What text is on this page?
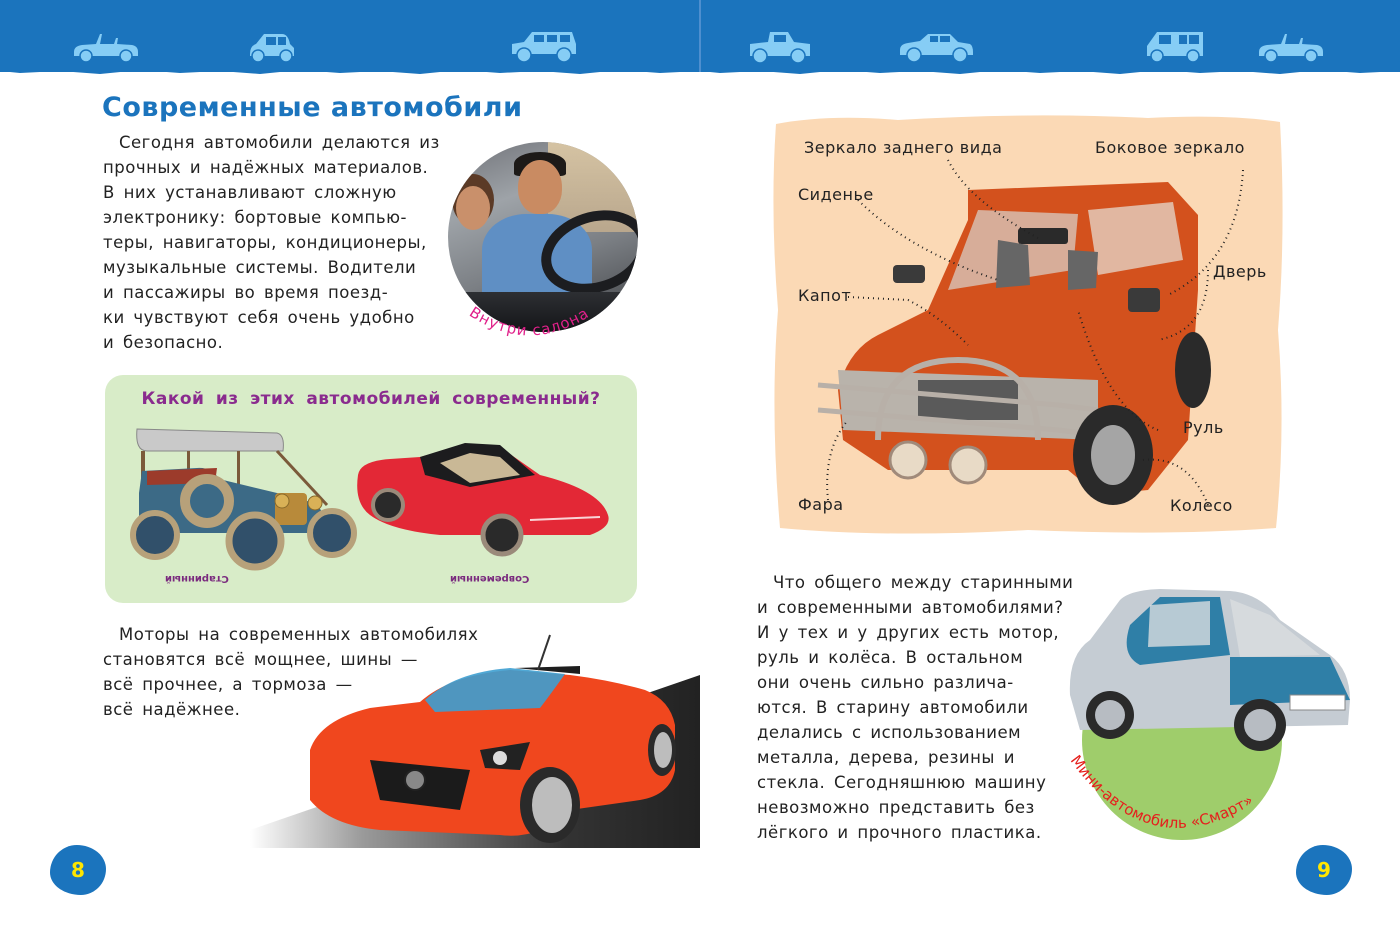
Современные автомобили
Сегодня автомобили делаются из
прочных и надёжных материалов.
В них устанавливают сложную
электронику: бортовые компью-
теры, навигаторы, кондиционеры,
музыкальные системы. Водители
и пассажиры во время поезд-
ки чувствуют себя очень удобно
и безопасно.
Внутри салона
Какой из этих автомобилей современный?
Старинный	Современный
Моторы на современных автомобилях
становятся всё мощнее, шины —
всё прочнее, а тормоза —
всё надёжнее.
8
Зеркало заднего вида	Боковое зеркало
Сиденье
Дверь
Капот
Руль
Фара	Колесо
Что общего между старинными
и современными автомобилями?
И у тех и у других есть мотор,
руль и колёса. В остальном
они очень сильно различа-
ются. В старину автомобили
делались с использованием
металла, дерева, резины и
стекла. Сегодняшнюю машину
невозможно представить без
лёгкого и прочного пластика.
Мини-автомобиль «Смарт»
9
